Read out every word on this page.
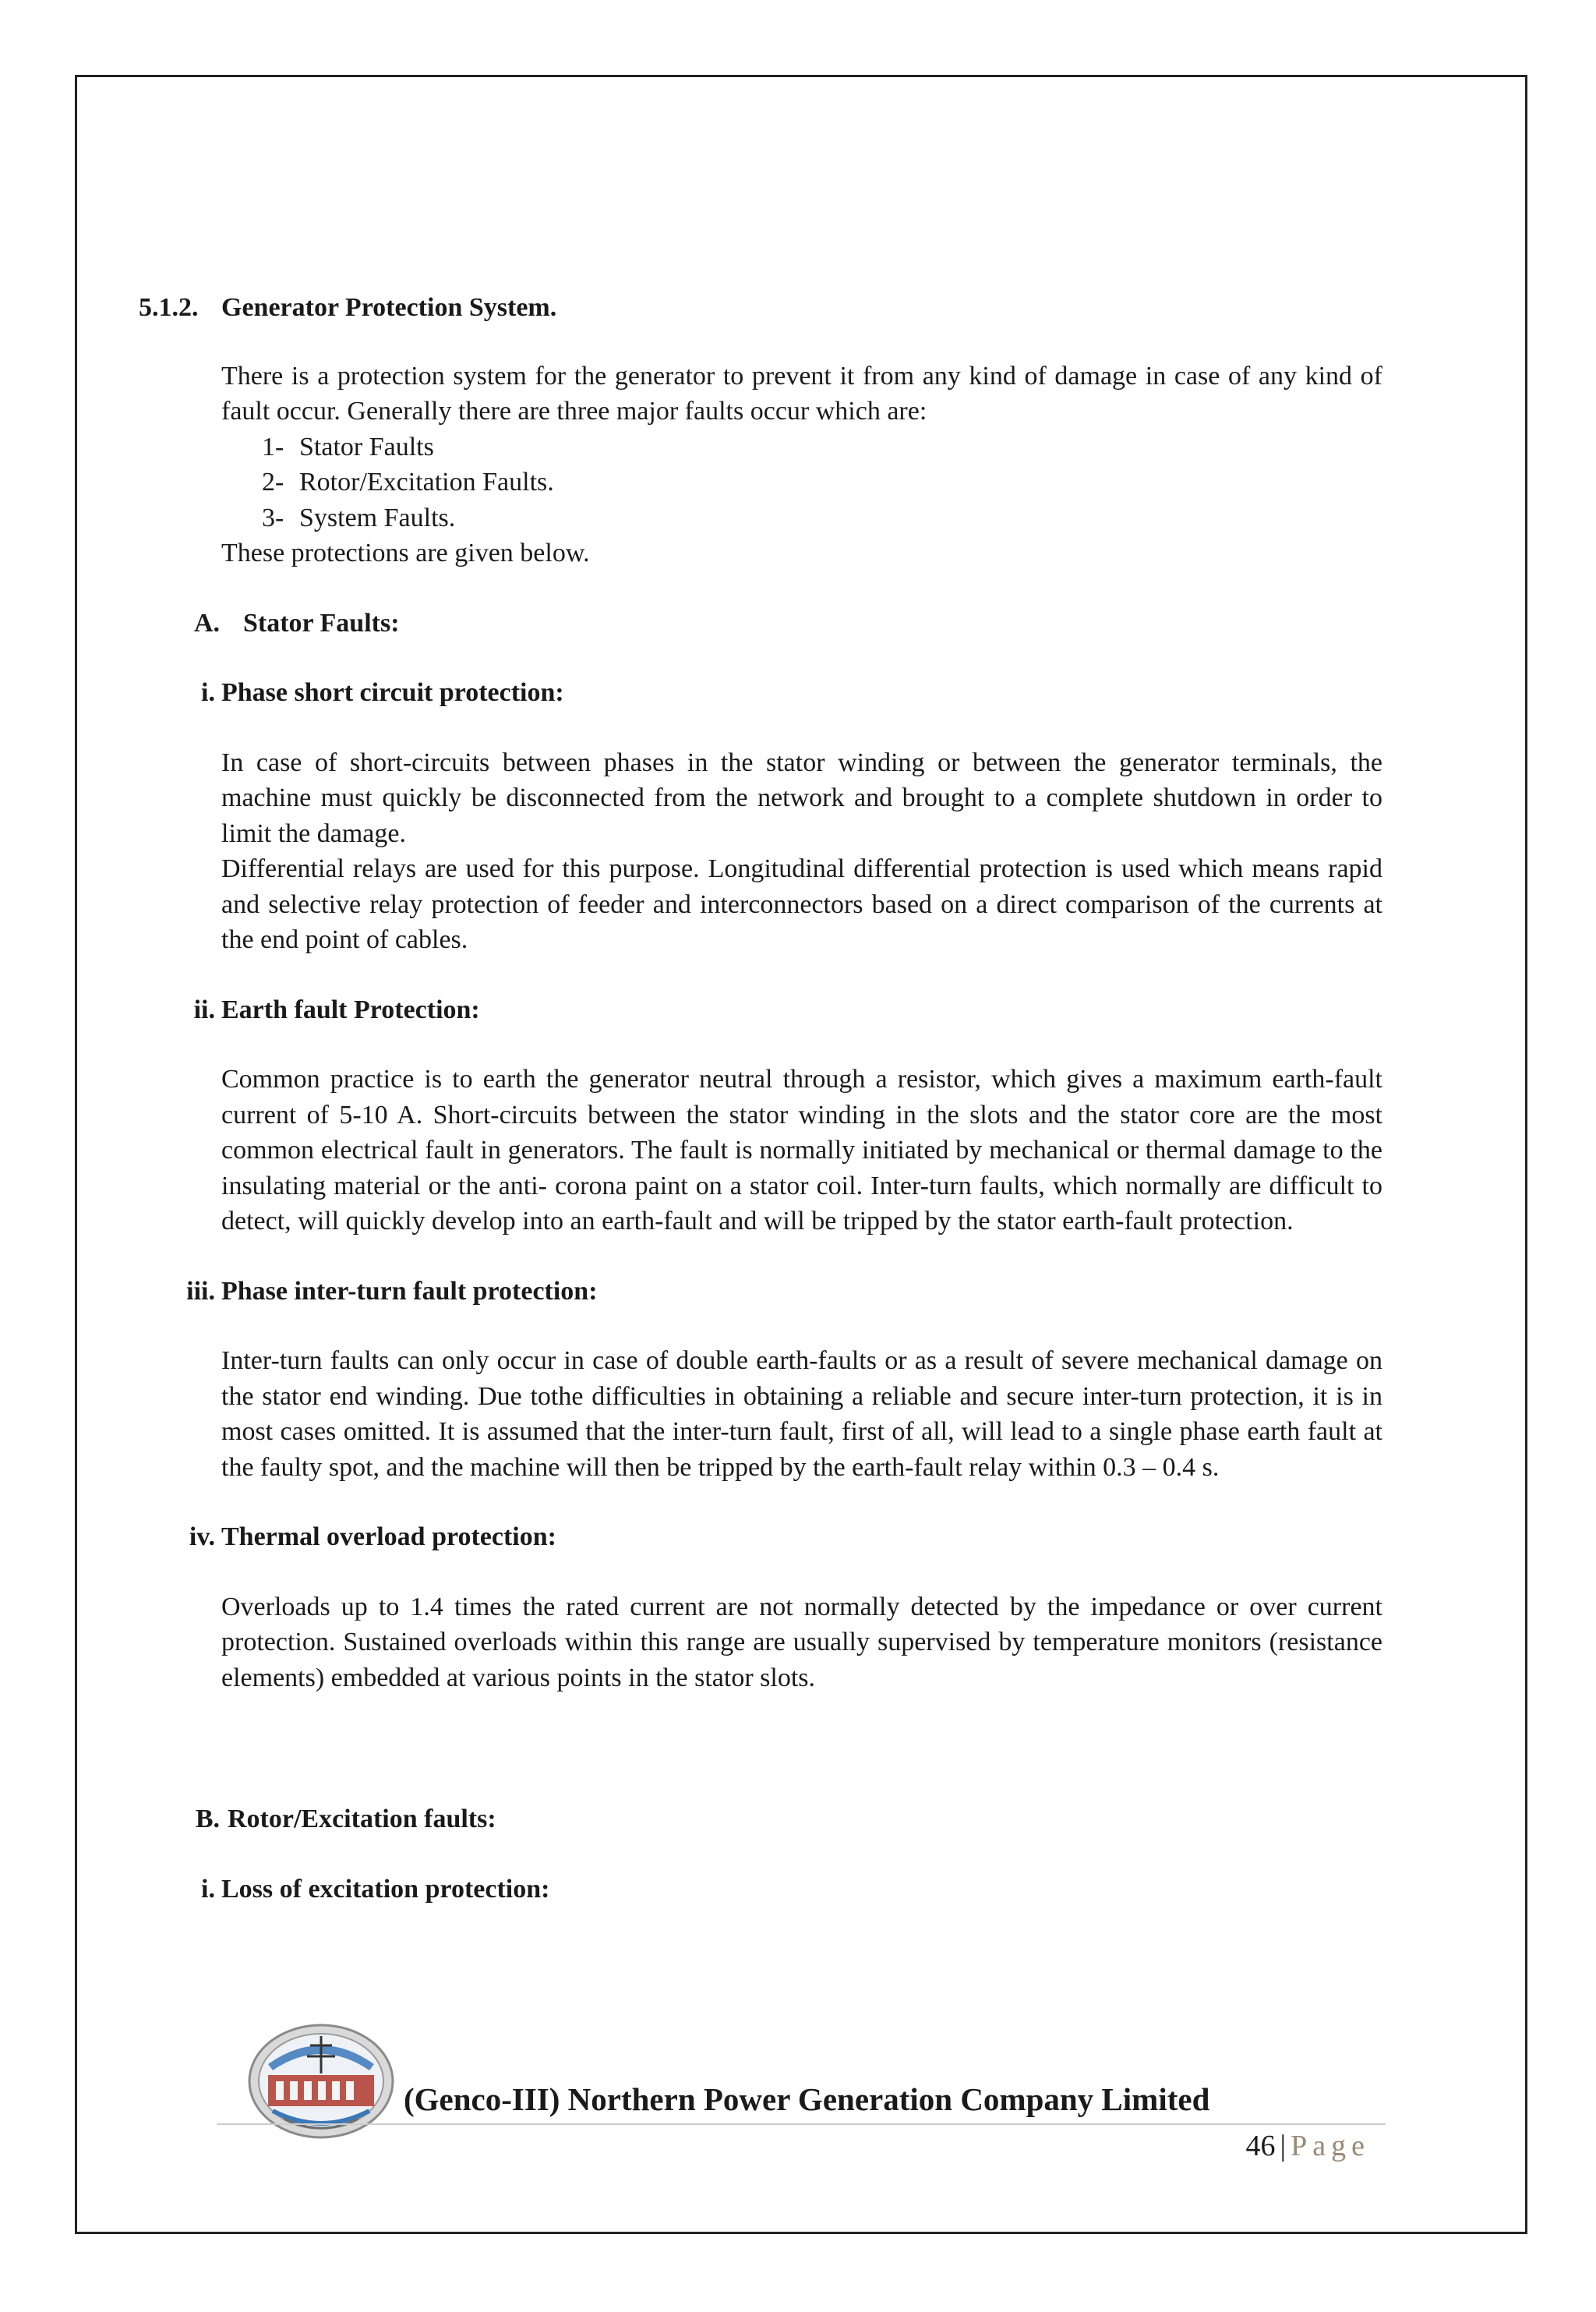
5.1.2. Generator Protection System.

There is a protection system for the generator to prevent it from any kind of damage in case of any kind of fault occur. Generally there are three major faults occur which are:

1- Stator Faults
2- Rotor/Excitation Faults.
3- System Faults.

These protections are given below.

A. Stator Faults:
i. Phase short circuit protection:

In case of short-circuits between phases in the stator winding or between the generator terminals, the machine must quickly be disconnected from the network and brought to a complete shutdown in order to limit the damage.

Differential relays are used for this purpose. Longitudinal differential protection is used which means rapid and selective relay protection of feeder and interconnectors based on a direct comparison of the currents at the end point of cables.

ii. Earth fault Protection:

Common practice is to earth the generator neutral through a resistor, which gives a maximum earth-fault current of 5-10 A. Short-circuits between the stator winding in the slots and the stator core are the most common electrical fault in generators. The fault is normally initiated by mechanical or thermal damage to the insulating material or the anti- corona paint on a stator coil. Inter-turn faults, which normally are difficult to detect, will quickly develop into an earth-fault and will be tripped by the stator earth-fault protection.

iii. Phase inter-turn fault protection:

Inter-turn faults can only occur in case of double earth-faults or as a result of severe mechanical damage on the stator end winding. Due tothe difficulties in obtaining a reliable and secure inter-turn protection, it is in most cases omitted. It is assumed that the inter-turn fault, first of all, will lead to a single phase earth fault at the faulty spot, and the machine will then be tripped by the earth-fault relay within 0.3 – 0.4 s.

iv. Thermal overload protection:

Overloads up to 1.4 times the rated current are not normally detected by the impedance or over current protection. Sustained overloads within this range are usually supervised by temperature monitors (resistance elements) embedded at various points in the stator slots.

B. Rotor/Excitation faults:
i. Loss of excitation protection:
(Genco-III) Northern Power Generation Company Limited
46 | Page
